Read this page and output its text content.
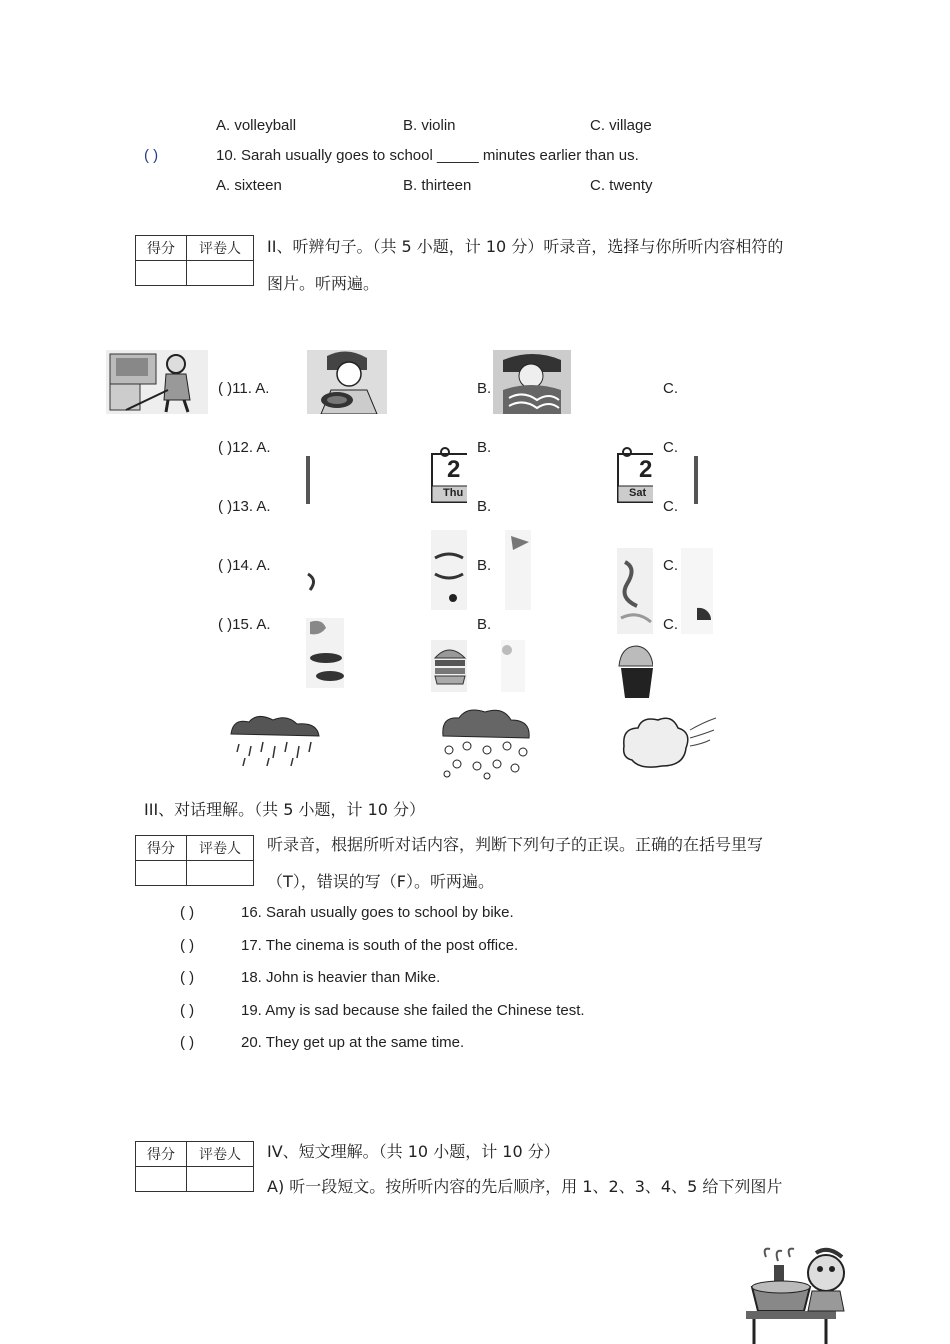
A. volleyball	B. violin	C. village
( )	10. Sarah usually goes to school _____ minutes earlier than us.
A. sixteen	B. thirteen	C. twenty
得分	评卷人
	II、听辨句子。（共 5 小题，计 10 分）听录音，选择与你所听内容相符的
图片。听两遍。
( )11. A.	B.	C.
( )12. A.	B.	C.
2
Thu
2
Sat
( )13. A.	B.	C.
( )14. A.	B.	C.
( )15. A.	B.	C.
III、对话理解。（共 5 小题，计 10 分）
得分	评卷人
	听录音，根据所听对话内容，判断下列句子的正误。正确的在括号里写
（T），错误的写（F）。听两遍。
( )	16. Sarah usually goes to school by bike.
( )	17. The cinema is south of the post office.
( )	18. John is heavier than Mike.
( )	19. Amy is sad because she failed the Chinese test.
( )	20. They get up at the same time.
得分	评卷人
	IV、短文理解。（共 10 小题，计 10 分）
A) 听一段短文。按所听内容的先后顺序，用 1、2、3、4、5 给下列图片
